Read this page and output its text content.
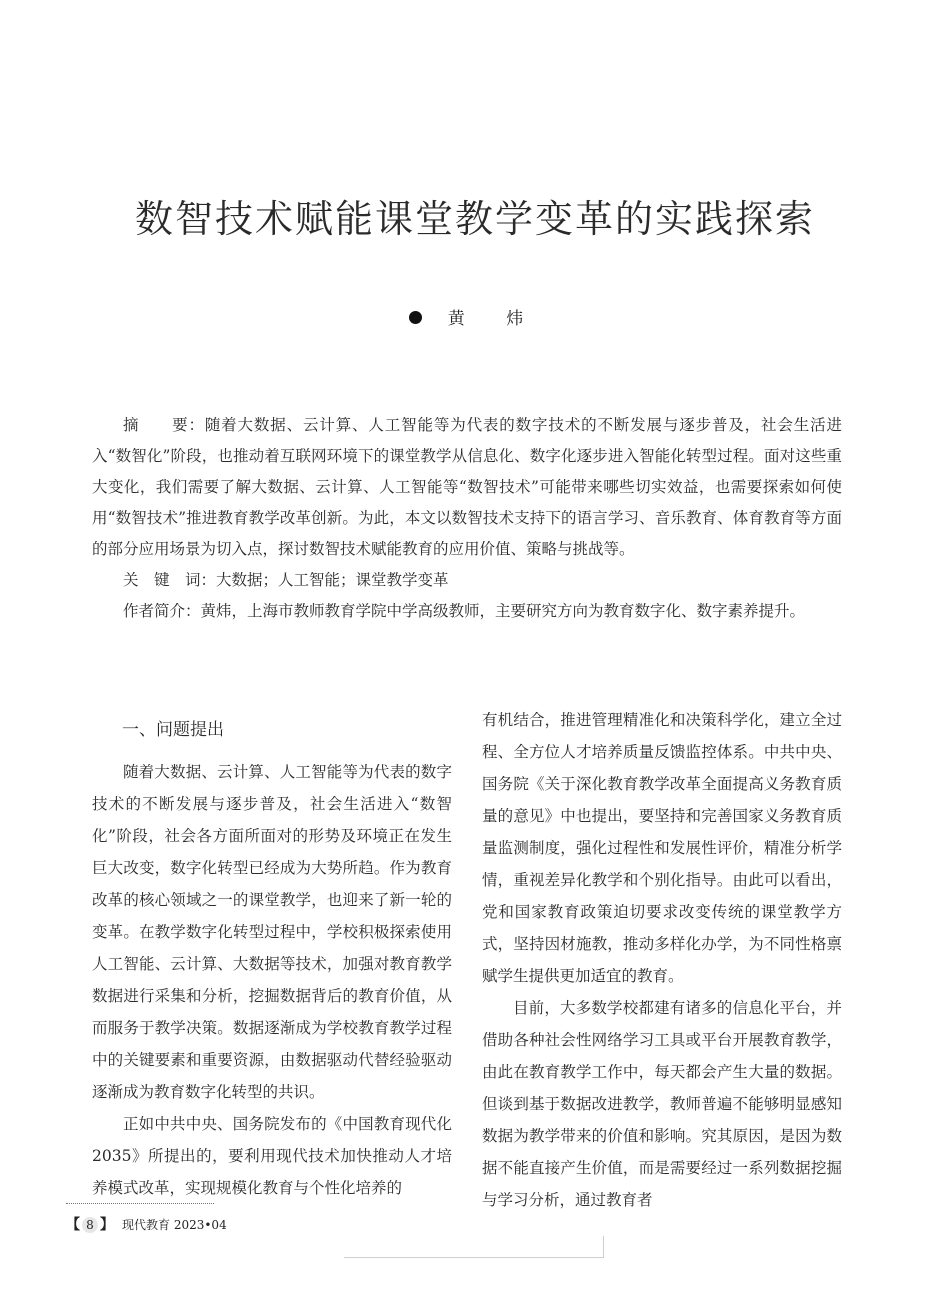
数智技术赋能课堂教学变革的实践探索
黄 炜

摘　　要：随着大数据、云计算、人工智能等为代表的数字技术的不断发展与逐步普及，社会生活进入“数智化”阶段，也推动着互联网环境下的课堂教学从信息化、数字化逐步进入智能化转型过程。面对这些重大变化，我们需要了解大数据、云计算、人工智能等“数智技术”可能带来哪些切实效益，也需要探索如何使用“数智技术”推进教育教学改革创新。为此，本文以数智技术支持下的语言学习、音乐教育、体育教育等方面的部分应用场景为切入点，探讨数智技术赋能教育的应用价值、策略与挑战等。

关　键　词：大数据；人工智能；课堂教学变革

作者简介：黄炜，上海市教师教育学院中学高级教师，主要研究方向为教育数字化、数字素养提升。

一、问题提出

随着大数据、云计算、人工智能等为代表的数字技术的不断发展与逐步普及，社会生活进入“数智化”阶段，社会各方面所面对的形势及环境正在发生巨大改变，数字化转型已经成为大势所趋。作为教育改革的核心领域之一的课堂教学，也迎来了新一轮的变革。在教学数字化转型过程中，学校积极探索使用人工智能、云计算、大数据等技术，加强对教育教学数据进行采集和分析，挖掘数据背后的教育价值，从而服务于教学决策。数据逐渐成为学校教育教学过程中的关键要素和重要资源，由数据驱动代替经验驱动逐渐成为教育数字化转型的共识。

正如中共中央、国务院发布的《中国教育现代化 2035》所提出的，要利用现代技术加快推动人才培养模式改革，实现规模化教育与个性化培养的

有机结合，推进管理精准化和决策科学化，建立全过程、全方位人才培养质量反馈监控体系。中共中央、国务院《关于深化教育教学改革全面提高义务教育质量的意见》中也提出，要坚持和完善国家义务教育质量监测制度，强化过程性和发展性评价，精准分析学情，重视差异化教学和个别化指导。由此可以看出，党和国家教育政策迫切要求改变传统的课堂教学方式，坚持因材施教，推动多样化办学，为不同性格禀赋学生提供更加适宜的教育。

目前，大多数学校都建有诸多的信息化平台，并借助各种社会性网络学习工具或平台开展教育教学，由此在教育教学工作中，每天都会产生大量的数据。但谈到基于数据改进教学，教师普遍不能够明显感知数据为教学带来的价值和影响。究其原因，是因为数据不能直接产生价值，而是需要经过一系列数据挖掘与学习分析，通过教育者

【 8 】 现代教育 2023•04
